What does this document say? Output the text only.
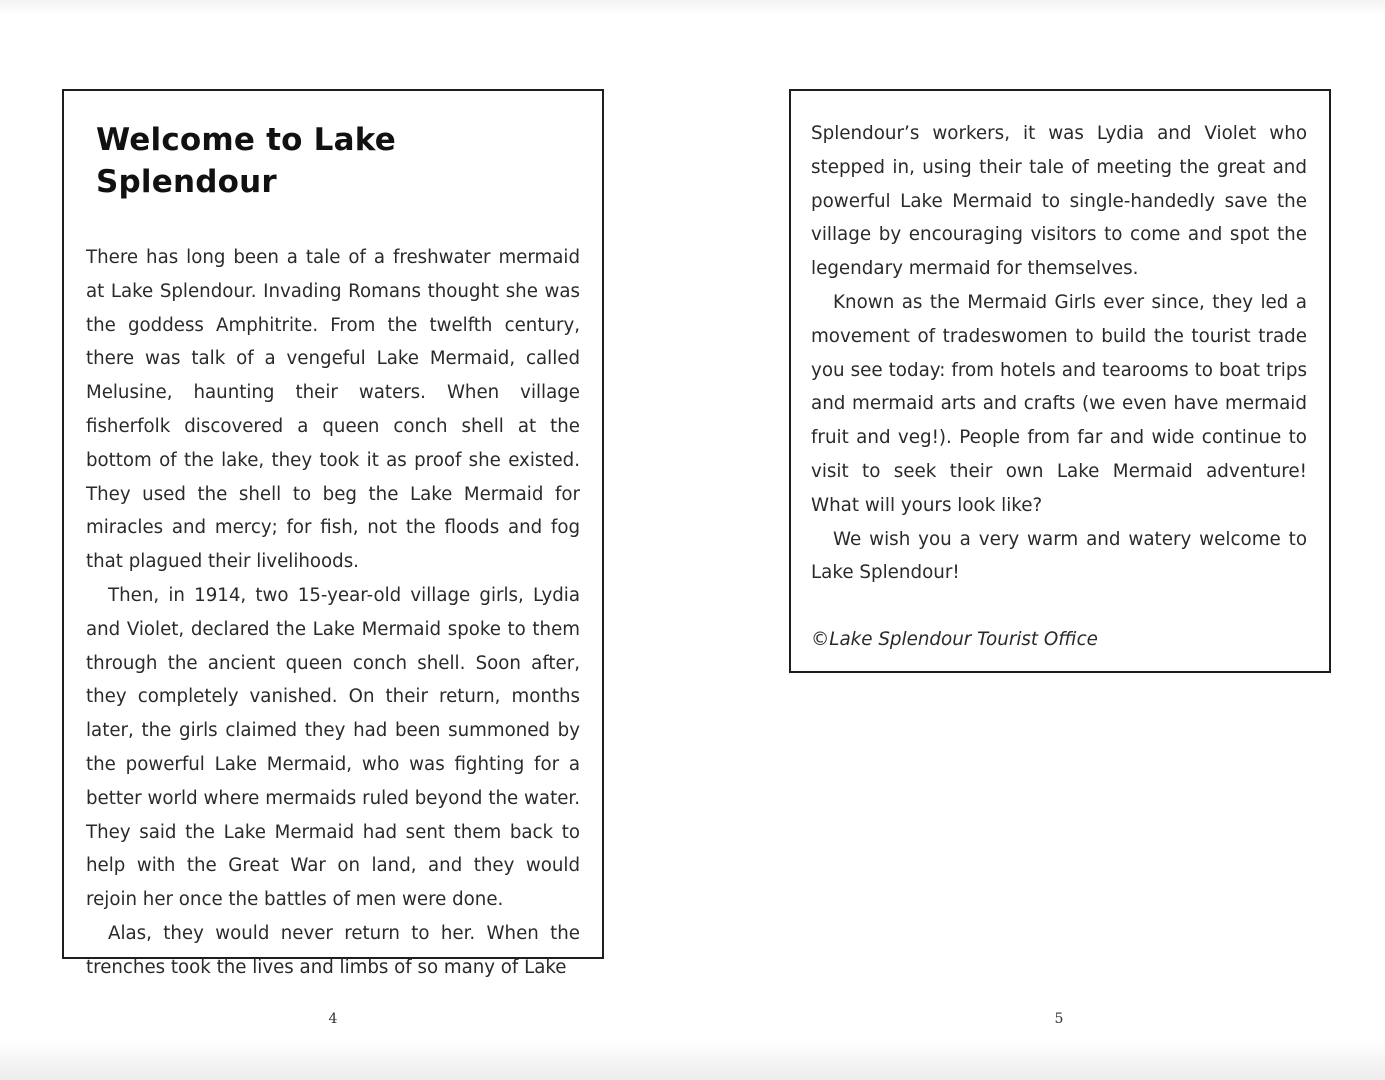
Welcome to Lake Splendour

There has long been a tale of a freshwater mermaid at Lake Splendour. Invading Romans thought she was the goddess Amphitrite. From the twelfth century, there was talk of a vengeful Lake Mermaid, called Melusine, haunting their waters. When village fisherfolk discovered a queen conch shell at the bottom of the lake, they took it as proof she existed. They used the shell to beg the Lake Mermaid for miracles and mercy; for fish, not the floods and fog that plagued their livelihoods.

Then, in 1914, two 15-year-old village girls, Lydia and Violet, declared the Lake Mermaid spoke to them through the ancient queen conch shell. Soon after, they completely vanished. On their return, months later, the girls claimed they had been summoned by the powerful Lake Mermaid, who was fighting for a better world where mermaids ruled beyond the water. They said the Lake Mermaid had sent them back to help with the Great War on land, and they would rejoin her once the battles of men were done.

Alas, they would never return to her. When the trenches took the lives and limbs of so many of Lake

4

Splendour’s workers, it was Lydia and Violet who stepped in, using their tale of meeting the great and powerful Lake Mermaid to single-handedly save the village by encouraging visitors to come and spot the legendary mermaid for themselves.

Known as the Mermaid Girls ever since, they led a movement of tradeswomen to build the tourist trade you see today: from hotels and tearooms to boat trips and mermaid arts and crafts (we even have mermaid fruit and veg!). People from far and wide continue to visit to seek their own Lake Mermaid adventure! What will yours look like?

We wish you a very warm and watery welcome to Lake Splendour!

©Lake Splendour Tourist Office

5
